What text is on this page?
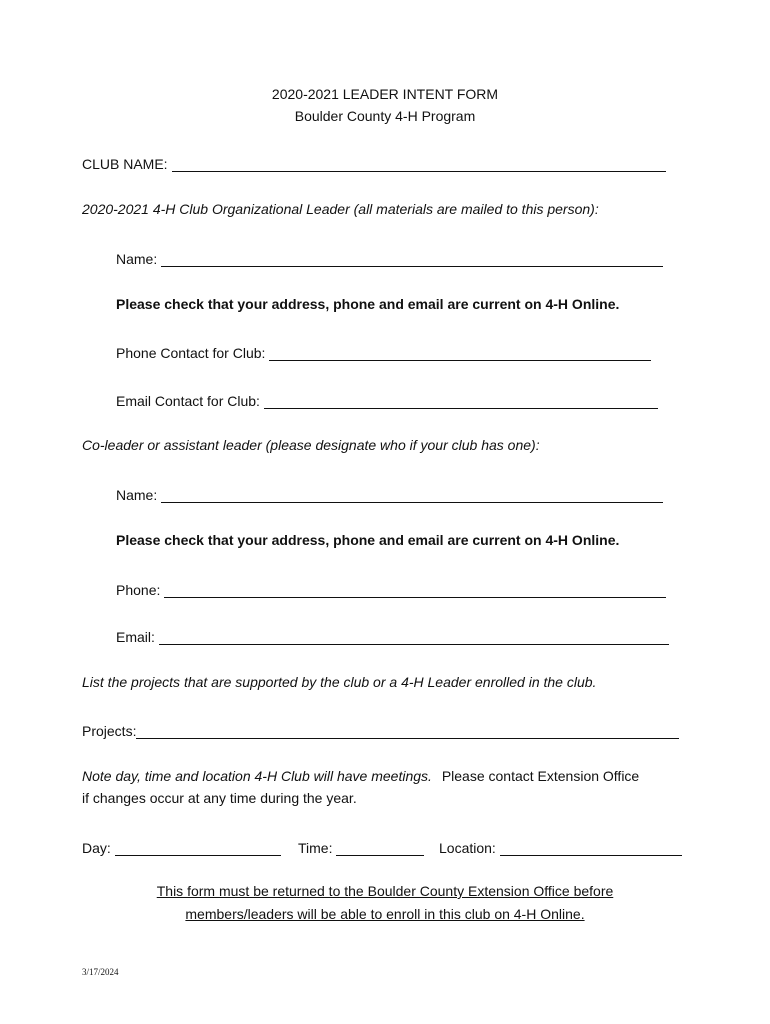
2020-2021 LEADER INTENT FORM
Boulder County 4-H Program
CLUB NAME:
2020-2021 4-H Club Organizational Leader (all materials are mailed to this person):
Name:
Please check that your address, phone and email are current on 4-H Online.
Phone Contact for Club:
Email Contact for Club:
Co-leader or assistant leader (please designate who if your club has one):
Name:
Please check that your address, phone and email are current on 4-H Online.
Phone:
Email:
List the projects that are supported by the club or a 4-H Leader enrolled in the club.
Projects:
Note day, time and location 4-H Club will have meetings. Please contact Extension Office
if changes occur at any time during the year.
Day:	Time:	Location:
This form must be returned to the Boulder County Extension Office before
members/leaders will be able to enroll in this club on 4-H Online.
3/17/2024
